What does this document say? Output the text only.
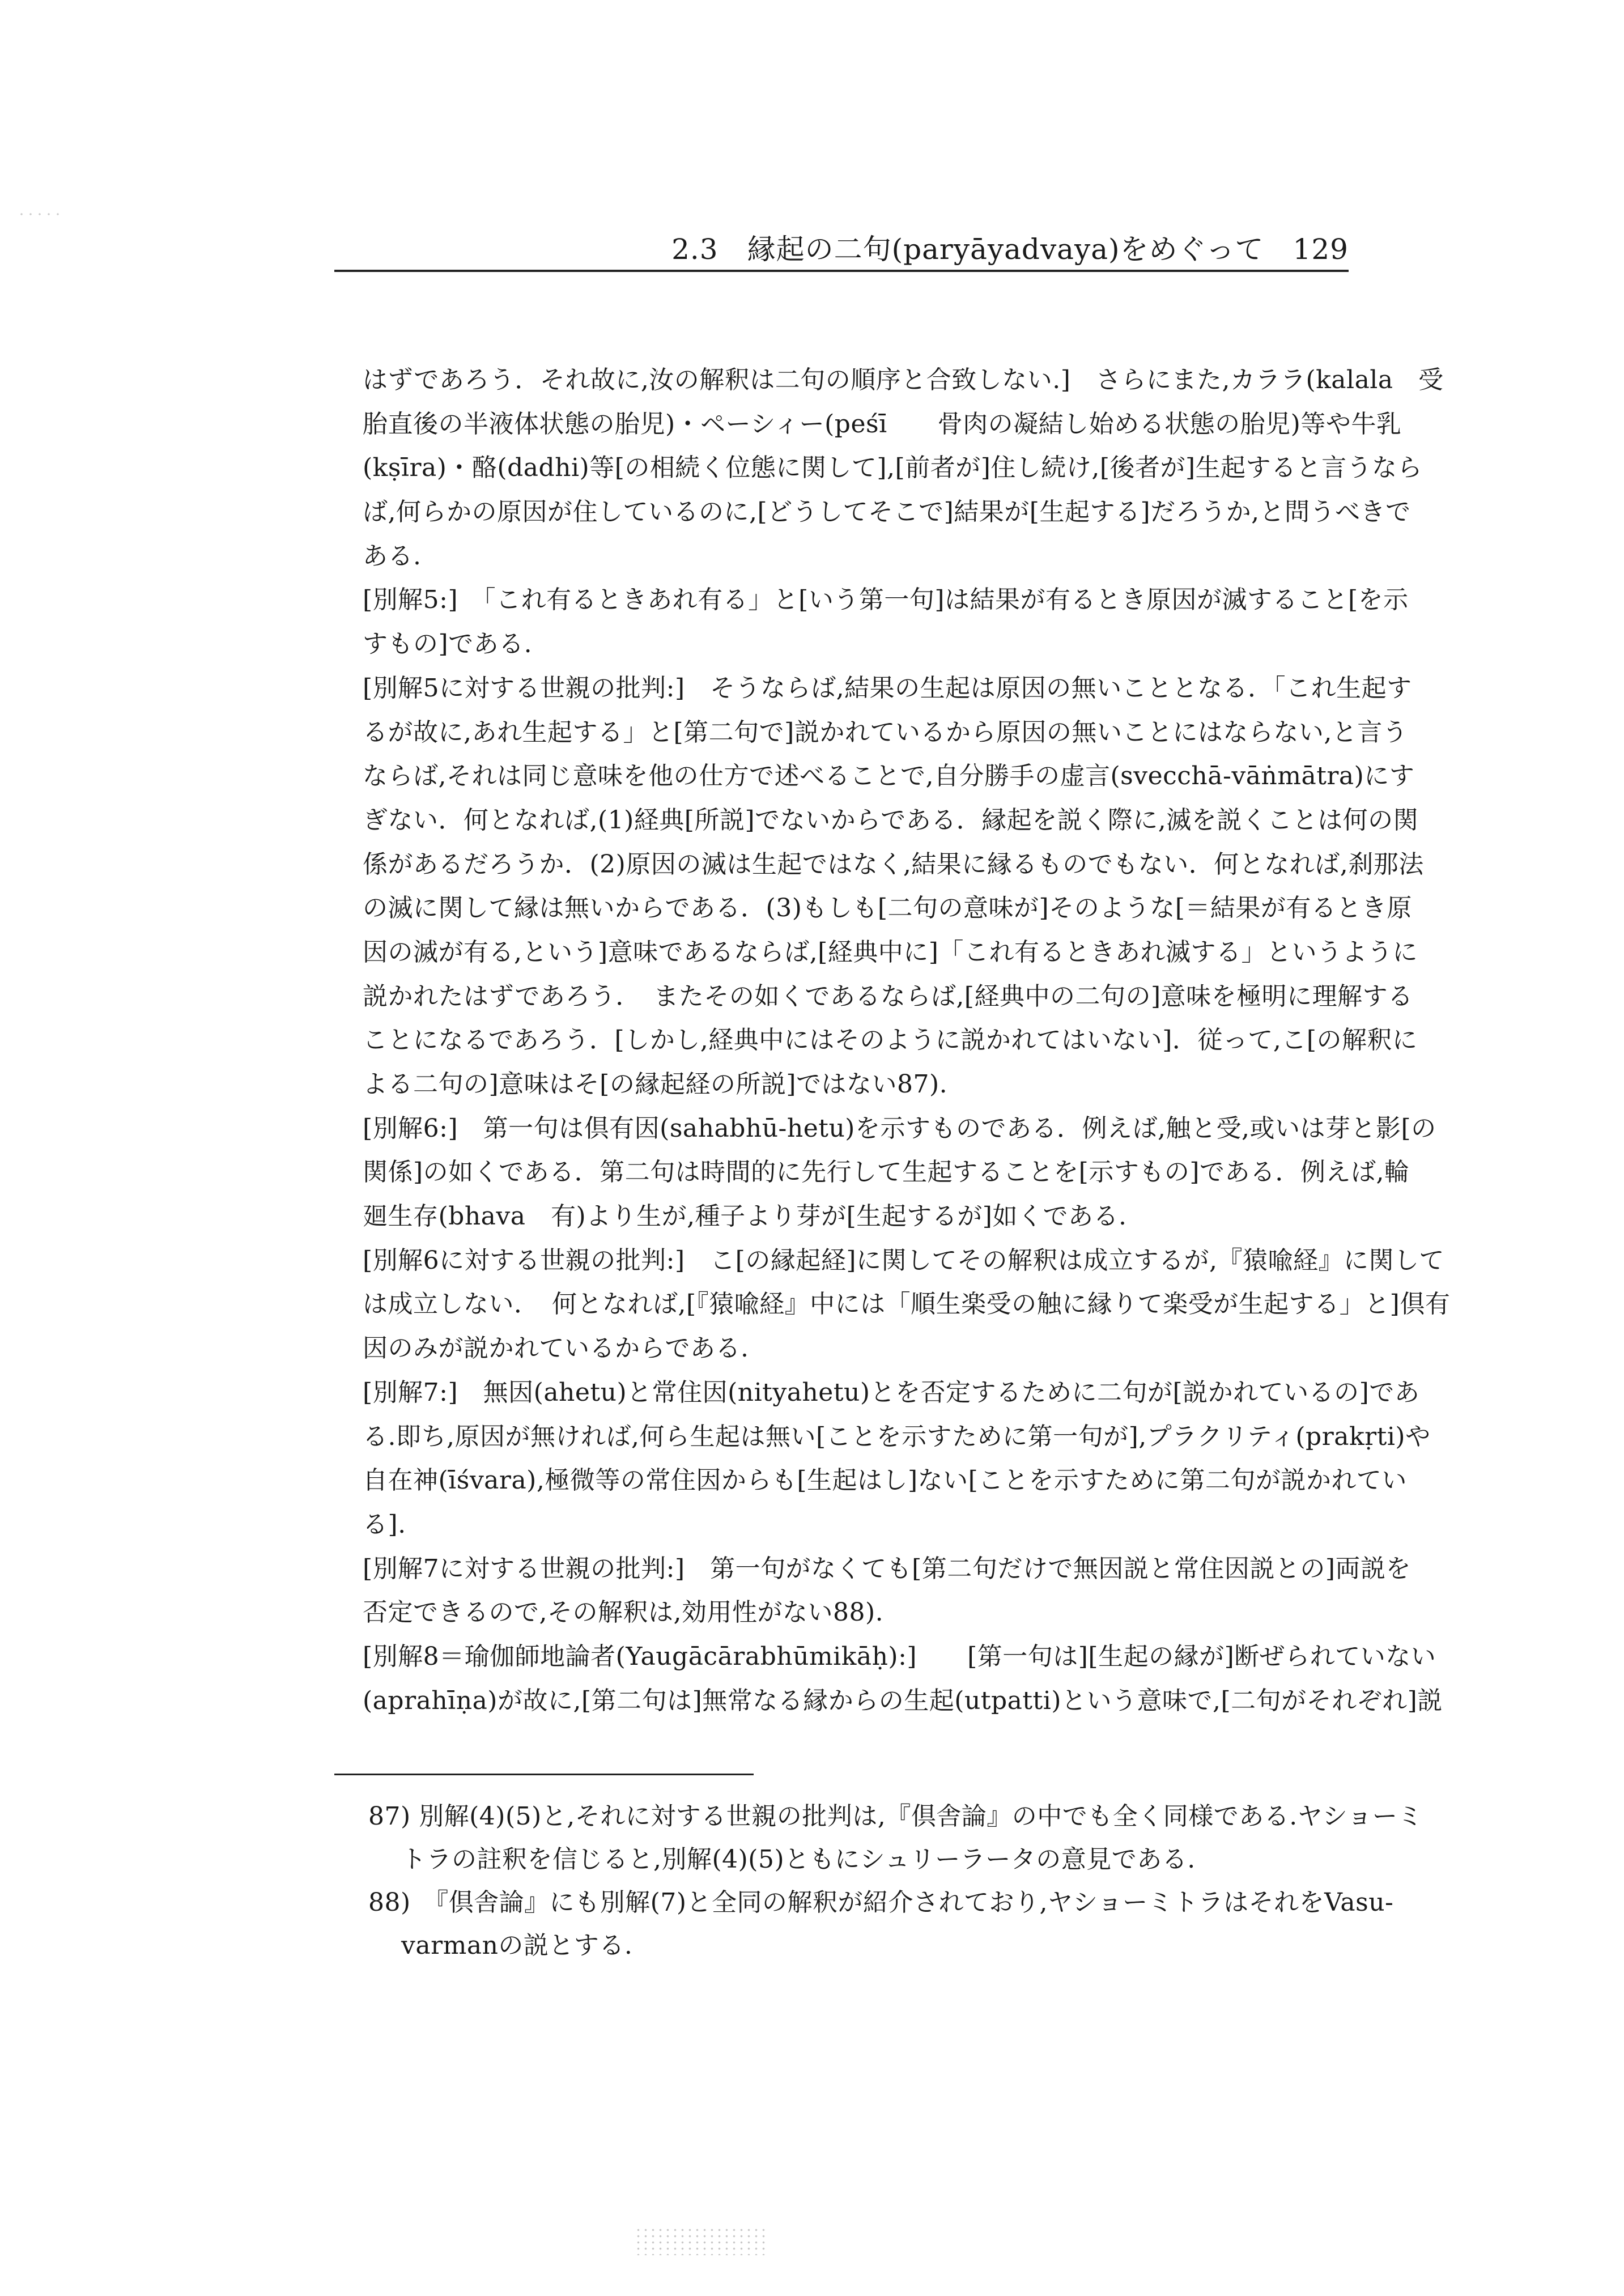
2.3　縁起の二句(paryāyadvaya)をめぐって　129
はずであろう．それ故に,汝の解釈は二句の順序と合致しない.]　さらにまた,カララ(kalala　受
胎直後の半液体状態の胎児)・ペーシィー(peśī　　骨肉の凝結し始める状態の胎児)等や牛乳
(kṣīra)・酪(dadhi)等[の相続く位態に関して],[前者が]住し続け,[後者が]生起すると言うなら
ば,何らかの原因が住しているのに,[どうしてそこで]結果が[生起する]だろうか,と問うべきで
ある.
[別解5:]　「これ有るときあれ有る」と[いう第一句]は結果が有るとき原因が滅すること[を示
すもの]である.
[別解5に対する世親の批判:]　そうならば,結果の生起は原因の無いこととなる．「これ生起す
るが故に,あれ生起する」と[第二句で]説かれているから原因の無いことにはならない,と言う
ならば,それは同じ意味を他の仕方で述べることで,自分勝手の虚言(svecchā-vāṅmātra)にす
ぎない．何となれば,(1)経典[所説]でないからである．縁起を説く際に,滅を説くことは何の関
係があるだろうか．(2)原因の滅は生起ではなく,結果に縁るものでもない．何となれば,刹那法
の滅に関して縁は無いからである．(3)もしも[二句の意味が]そのような[＝結果が有るとき原
因の滅が有る,という]意味であるならば,[経典中に]「これ有るときあれ滅する」というように
説かれたはずであろう．　またその如くであるならば,[経典中の二句の]意味を極明に理解する
ことになるであろう．[しかし,経典中にはそのように説かれてはいない]．従って,こ[の解釈に
よる二句の]意味はそ[の縁起経の所説]ではない87).
[別解6:]　第一句は倶有因(sahabhū-hetu)を示すものである．例えば,触と受,或いは芽と影[の
関係]の如くである．第二句は時間的に先行して生起することを[示すもの]である．例えば,輪
廻生存(bhava　有)より生が,種子より芽が[生起するが]如くである.
[別解6に対する世親の批判:]　こ[の縁起経]に関してその解釈は成立するが,『猿喩経』に関して
は成立しない．　何となれば,[『猿喩経』中には「順生楽受の触に縁りて楽受が生起する」と]倶有
因のみが説かれているからである.
[別解7:]　無因(ahetu)と常住因(nityahetu)とを否定するために二句が[説かれているの]であ
る.即ち,原因が無ければ,何ら生起は無い[ことを示すために第一句が],プラクリティ(prakṛti)や
自在神(īśvara),極微等の常住因からも[生起はし]ない[ことを示すために第二句が説かれてい
る].
[別解7に対する世親の批判:]　第一句がなくても[第二句だけで無因説と常住因説との]両説を
否定できるので,その解釈は,効用性がない88).
[別解8＝瑜伽師地論者(Yaugācārabhūmikāḥ):]　　[第一句は][生起の縁が]断ぜられていない
(aprahīṇa)が故に,[第二句は]無常なる縁からの生起(utpatti)という意味で,[二句がそれぞれ]説
87) 別解(4)(5)と,それに対する世親の批判は,『倶舎論』の中でも全く同様である.ヤショーミ
トラの註釈を信じると,別解(4)(5)ともにシュリーラータの意見である.
88)　『倶舎論』にも別解(7)と全同の解釈が紹介されており,ヤショーミトラはそれをVasu-
varmanの説とする.
